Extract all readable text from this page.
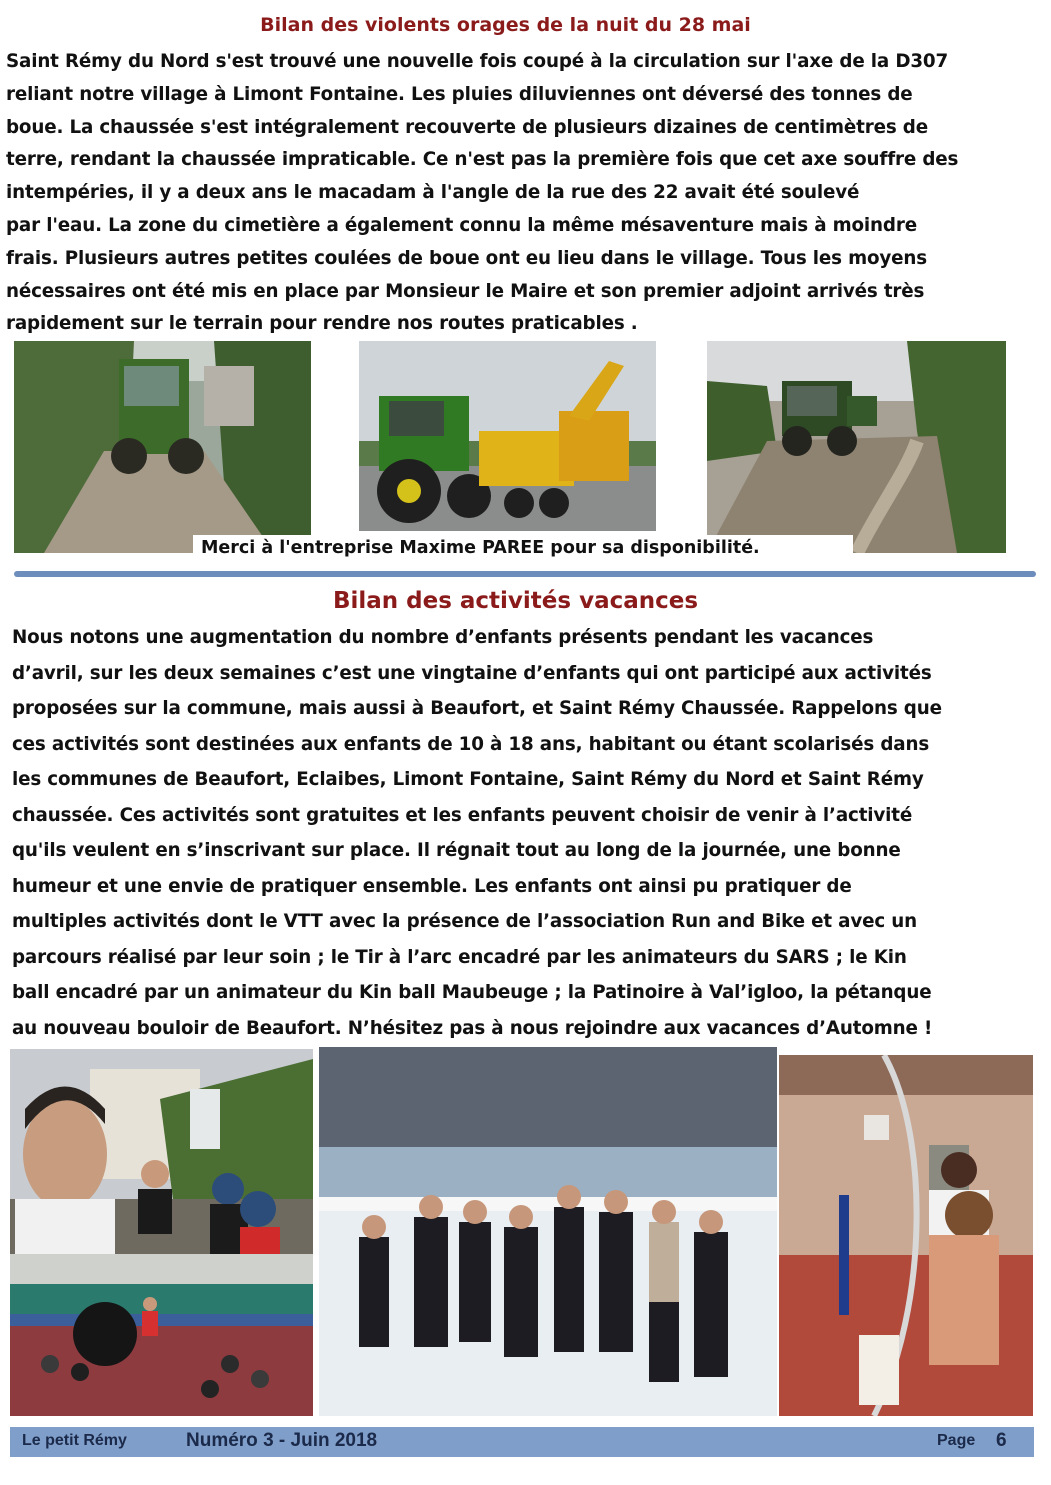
Bilan des violents orages de la nuit du 28 mai
Saint Rémy du Nord s'est trouvé une nouvelle fois coupé à la circulation sur l'axe de la D307
reliant notre village à Limont Fontaine. Les pluies diluviennes ont déversé des tonnes de
boue. La chaussée s'est intégralement recouverte de plusieurs dizaines de centimètres de
terre, rendant la chaussée impraticable. Ce n'est pas la première fois que cet axe souffre des
intempéries, il y a deux ans le macadam à l'angle de la rue des 22 avait été soulevé
par l'eau. La zone du cimetière a également connu la même mésaventure mais à moindre
frais. Plusieurs autres petites coulées de boue ont eu lieu dans le village. Tous les moyens
nécessaires ont été mis en place par Monsieur le Maire et son premier adjoint arrivés très
rapidement sur le terrain pour rendre nos routes praticables .
Merci à l'entreprise Maxime PAREE pour sa disponibilité.
Bilan des activités vacances
Nous notons une augmentation du nombre d’enfants présents pendant les vacances
d’avril, sur les deux semaines c’est une vingtaine d’enfants qui ont participé aux activités
proposées sur la commune, mais aussi à Beaufort, et Saint Rémy Chaussée. Rappelons que
ces activités sont destinées aux enfants de 10 à 18 ans, habitant ou étant scolarisés dans
les communes de Beaufort, Eclaibes, Limont Fontaine, Saint Rémy du Nord et Saint Rémy
chaussée. Ces activités sont gratuites et les enfants peuvent choisir de venir à l’activité
qu'ils veulent en s’inscrivant sur place. Il régnait tout au long de la journée, une bonne
humeur et une envie de pratiquer ensemble. Les enfants ont ainsi pu pratiquer de
multiples activités dont le VTT avec la présence de l’association Run and Bike et avec un
parcours réalisé par leur soin ; le Tir à l’arc encadré par les animateurs du SARS ; le Kin
ball encadré par un animateur du Kin ball Maubeuge ; la Patinoire à Val’igloo, la pétanque
au nouveau bouloir de Beaufort. N’hésitez pas à nous rejoindre aux vacances d’Automne !
Le petit Rémy	Numéro 3 - Juin 2018	Page 6
